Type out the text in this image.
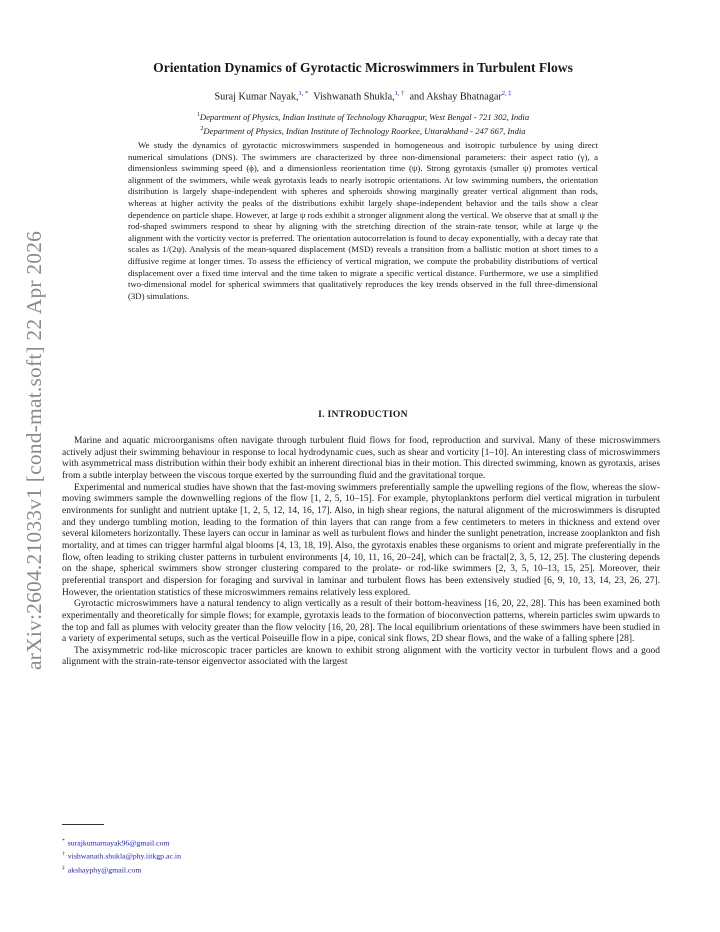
arXiv:2604.21033v1 [cond-mat.soft] 22 Apr 2026
Orientation Dynamics of Gyrotactic Microswimmers in Turbulent Flows
Suraj Kumar Nayak,$^{1, *}$ Vishwanath Shukla,$^{1, \dagger}$ and Akshay Bhatnagar$^{2, \ddagger}$
$^1$Department of Physics, Indian Institute of Technology Kharagpur, West Bengal - 721 302, India
$^2$Department of Physics, Indian Institute of Technology Roorkee, Uttarakhand - 247 667, India
We study the dynamics of gyrotactic microswimmers suspended in homogeneous and isotropic turbulence by using direct numerical simulations (DNS). The swimmers are characterized by three non-dimensional parameters: their aspect ratio (γ), a dimensionless swimming speed (ϕ), and a dimensionless reorientation time (ψ). Strong gyrotaxis (smaller ψ) promotes vertical alignment of the swimmers, while weak gyrotaxis leads to nearly isotropic orientations. At low swimming numbers, the orientation distribution is largely shape-independent with spheres and spheroids showing marginally greater vertical alignment than rods, whereas at higher activity the peaks of the distributions exhibit largely shape-independent behavior and the tails show a clear dependence on particle shape. However, at large ψ rods exhibit a stronger alignment along the vertical. We observe that at small ψ the rod-shaped swimmers respond to shear by aligning with the stretching direction of the strain-rate tensor, while at large ψ the alignment with the vorticity vector is preferred. The orientation autocorrelation is found to decay exponentially, with a decay rate that scales as 1/(2ψ). Analysis of the mean-squared displacement (MSD) reveals a transition from a ballistic motion at short times to a diffusive regime at longer times. To assess the efficiency of vertical migration, we compute the probability distributions of vertical displacement over a fixed time interval and the time taken to migrate a specific vertical distance. Furthermore, we use a simplified two-dimensional model for spherical swimmers that qualitatively reproduces the key trends observed in the full three-dimensional (3D) simulations.
I. INTRODUCTION

Marine and aquatic microorganisms often navigate through turbulent fluid flows for food, reproduction and survival. Many of these microswimmers actively adjust their swimming behaviour in response to local hydrodynamic cues, such as shear and vorticity [1–10]. An interesting class of microswimmers with asymmetrical mass distribution within their body exhibit an inherent directional bias in their motion. This directed swimming, known as gyrotaxis, arises from a subtle interplay between the viscous torque exerted by the surrounding fluid and the gravitational torque.

Experimental and numerical studies have shown that the fast-moving swimmers preferentially sample the upwelling regions of the flow, whereas the slow-moving swimmers sample the downwelling regions of the flow [1, 2, 5, 10–15]. For example, phytoplanktons perform diel vertical migration in turbulent environments for sunlight and nutrient uptake [1, 2, 5, 12, 14, 16, 17]. Also, in high shear regions, the natural alignment of the microswimmers is disrupted and they undergo tumbling motion, leading to the formation of thin layers that can range from a few centimeters to meters in thickness and extend over several kilometers horizontally. These layers can occur in laminar as well as turbulent flows and hinder the sunlight penetration, increase zooplankton and fish mortality, and at times can trigger harmful algal blooms [4, 13, 18, 19]. Also, the gyrotaxis enables these organisms to orient and migrate preferentially in the flow, often leading to striking cluster patterns in turbulent environments [4, 10, 11, 16, 20–24], which can be fractal[2, 3, 5, 12, 25]. The clustering depends on the shape, spherical swimmers show stronger clustering compared to the prolate- or rod-like swimmers [2, 3, 5, 10–13, 15, 25]. Moreover, their preferential transport and dispersion for foraging and survival in laminar and turbulent flows has been extensively studied [6, 9, 10, 13, 14, 23, 26, 27]. However, the orientation statistics of these microswimmers remains relatively less explored.

Gyrotactic microswimmers have a natural tendency to align vertically as a result of their bottom-heaviness [16, 20, 22, 28]. This has been examined both experimentally and theoretically for simple flows; for example, gyrotaxis leads to the formation of bioconvection patterns, wherein particles swim upwards to the top and fall as plumes with velocity greater than the flow velocity [16, 20, 28]. The local equilibrium orientations of these swimmers have been studied in a variety of experimental setups, such as the vertical Poiseuille flow in a pipe, conical sink flows, 2D shear flows, and the wake of a falling sphere [28].

The axisymmetric rod-like microscopic tracer particles are known to exhibit strong alignment with the vorticity vector in turbulent flows and a good alignment with the strain-rate-tensor eigenvector associated with the largest

* surajkumarnayak96@gmail.com
† vishwanath.shukla@phy.iitkgp.ac.in
‡ akshayphy@gmail.com
